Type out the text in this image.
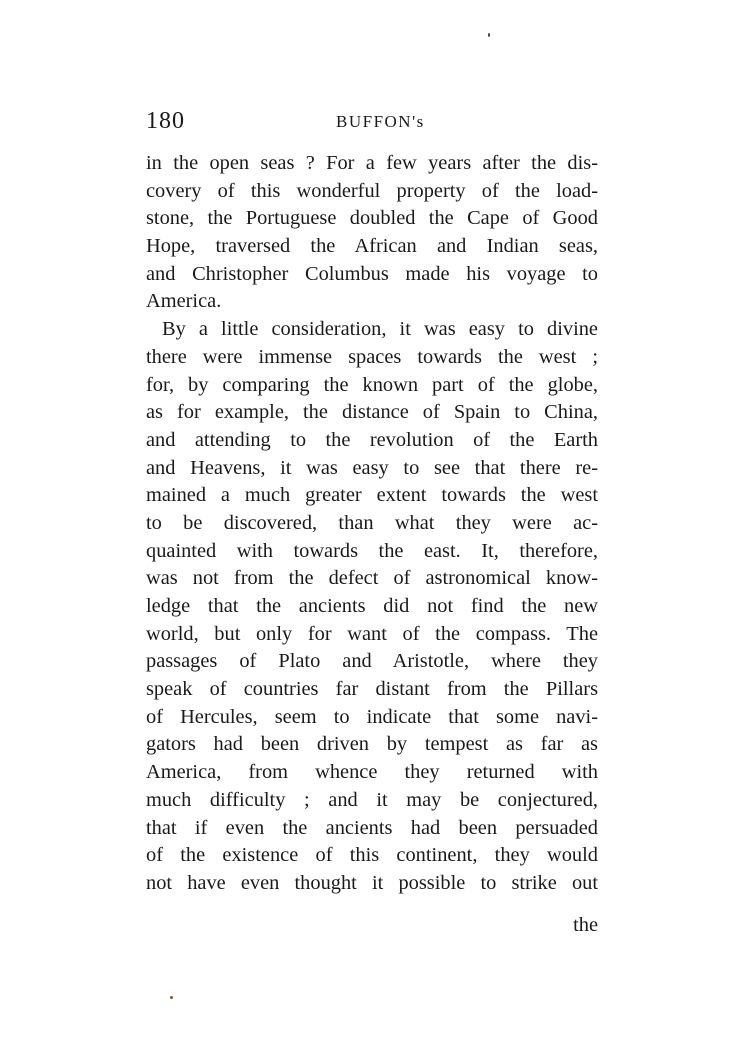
180	BUFFON's
in the open seas ? For a few years after the dis-
covery of this wonderful property of the load-
stone, the Portuguese doubled the Cape of Good
Hope, traversed the African and Indian seas,
and Christopher Columbus made his voyage to
America.
By a little consideration, it was easy to divine
there were immense spaces towards the west ;
for, by comparing the known part of the globe,
as for example, the distance of Spain to China,
and attending to the revolution of the Earth
and Heavens, it was easy to see that there re-
mained a much greater extent towards the west
to be discovered, than what they were ac-
quainted with towards the east. It, therefore,
was not from the defect of astronomical know-
ledge that the ancients did not find the new
world, but only for want of the compass. The
passages of Plato and Aristotle, where they
speak of countries far distant from the Pillars
of Hercules, seem to indicate that some navi-
gators had been driven by tempest as far as
America, from whence they returned with
much difficulty ; and it may be conjectured,
that if even the ancients had been persuaded
of the existence of this continent, they would
not have even thought it possible to strike out
the
